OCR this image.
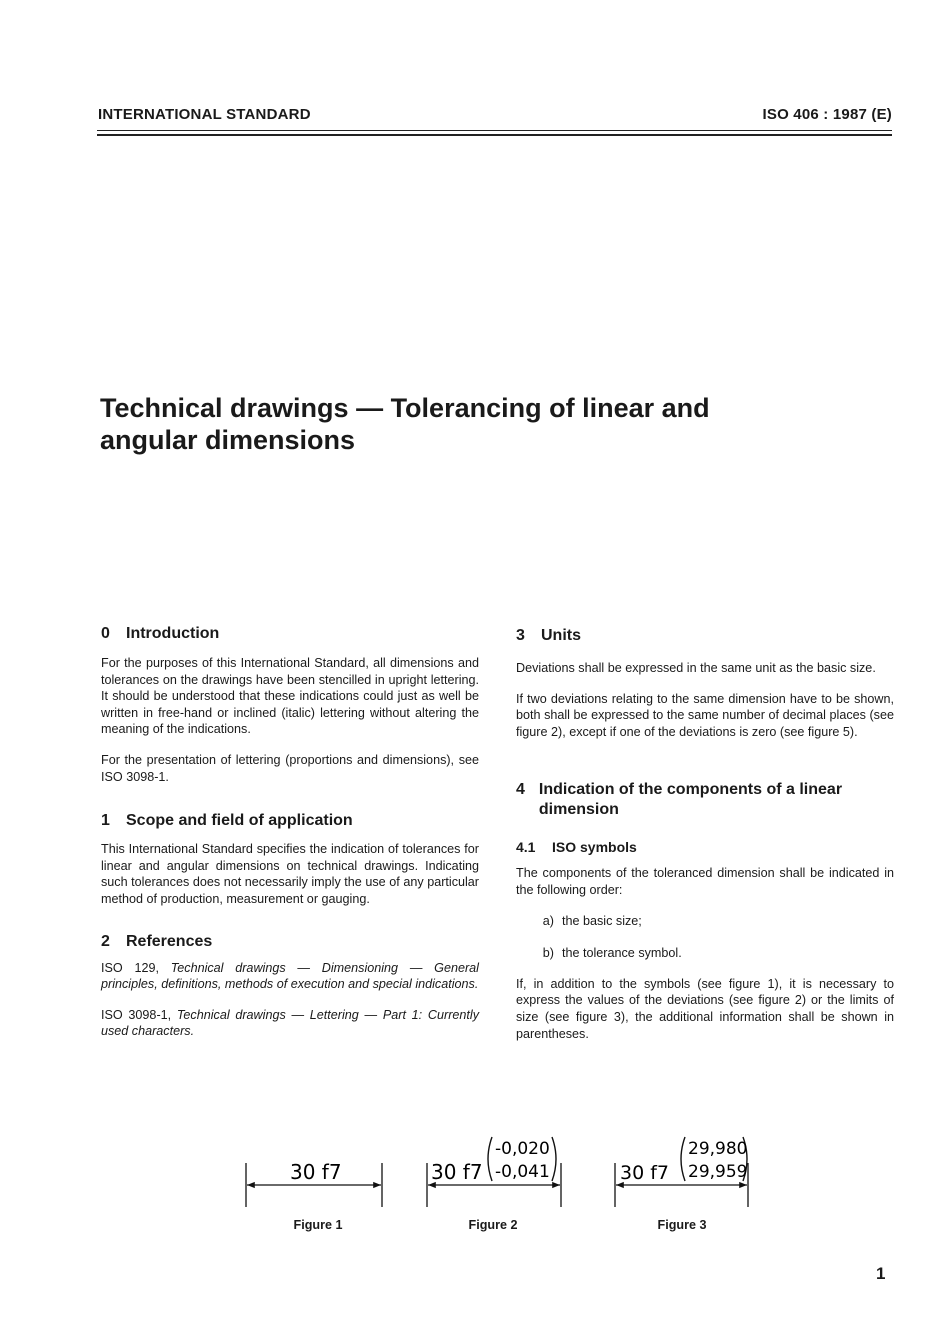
INTERNATIONAL STANDARD	ISO 406 : 1987 (E)
Technical drawings — Tolerancing of linear and
angular dimensions
0 Introduction

For the purposes of this International Standard, all dimensions and tolerances on the drawings have been stencilled in upright lettering. It should be understood that these indications could just as well be written in free-hand or inclined (italic) lettering without altering the meaning of the indications.

For the presentation of lettering (proportions and dimensions), see ISO 3098-1.

1 Scope and field of application

This International Standard specifies the indication of tolerances for linear and angular dimensions on technical drawings. Indicating such tolerances does not necessarily imply the use of any particular method of production, measurement or gauging.

2 References

ISO 129, Technical drawings — Dimensioning — General principles, definitions, methods of execution and special indications.

ISO 3098-1, Technical drawings — Lettering — Part 1: Currently used characters.

3 Units

Deviations shall be expressed in the same unit as the basic size.

If two deviations relating to the same dimension have to be shown, both shall be expressed to the same number of decimal places (see figure 2), except if one of the deviations is zero (see figure 5).

4 Indication of the components of a linear dimension
4.1 ISO symbols

The components of the toleranced dimension shall be indicated in the following order:

a) the basic size;
b) the tolerance symbol.

If, in addition to the symbols (see figure 1), it is necessary to express the values of the deviations (see figure 2) or the limits of size (see figure 3), the additional information shall be shown in parentheses.

30 f7	30 f7
-0,020
-0,041	30 f7
29,980
29,959
Figure 1	Figure 2	Figure 3
1
